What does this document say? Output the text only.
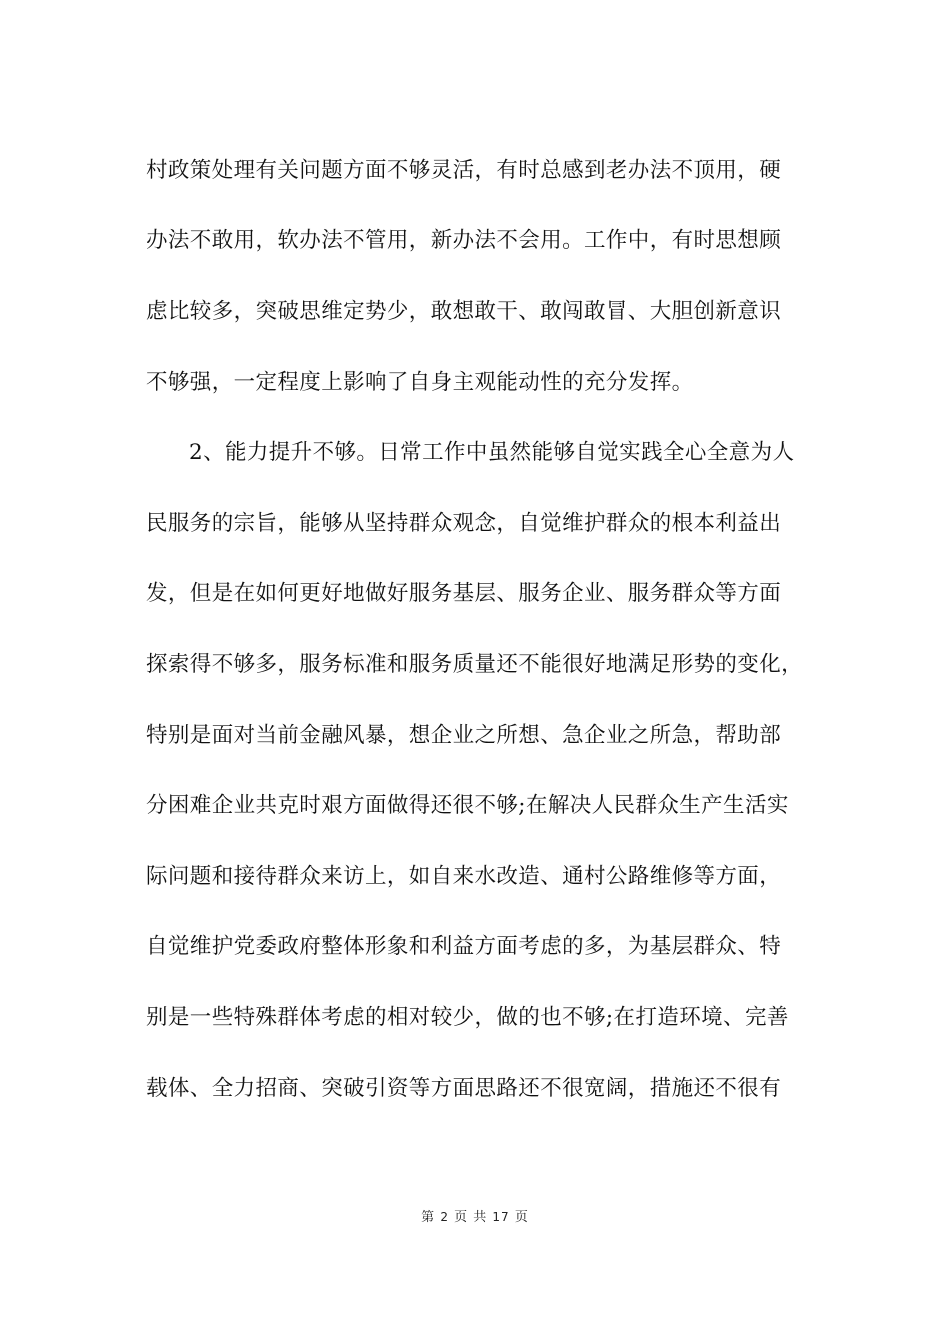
村政策处理有关问题方面不够灵活，有时总感到老办法不顶用，硬
办法不敢用，软办法不管用，新办法不会用。工作中，有时思想顾
虑比较多，突破思维定势少，敢想敢干、敢闯敢冒、大胆创新意识
不够强，一定程度上影响了自身主观能动性的充分发挥。
2、能力提升不够。日常工作中虽然能够自觉实践全心全意为人
民服务的宗旨，能够从坚持群众观念，自觉维护群众的根本利益出
发，但是在如何更好地做好服务基层、服务企业、服务群众等方面
探索得不够多，服务标准和服务质量还不能很好地满足形势的变化，
特别是面对当前金融风暴，想企业之所想、急企业之所急，帮助部
分困难企业共克时艰方面做得还很不够;在解决人民群众生产生活实
际问题和接待群众来访上，如自来水改造、通村公路维修等方面，
自觉维护党委政府整体形象和利益方面考虑的多，为基层群众、特
别是一些特殊群体考虑的相对较少，做的也不够;在打造环境、完善
载体、全力招商、突破引资等方面思路还不很宽阔，措施还不很有
第 2 页 共 17 页
